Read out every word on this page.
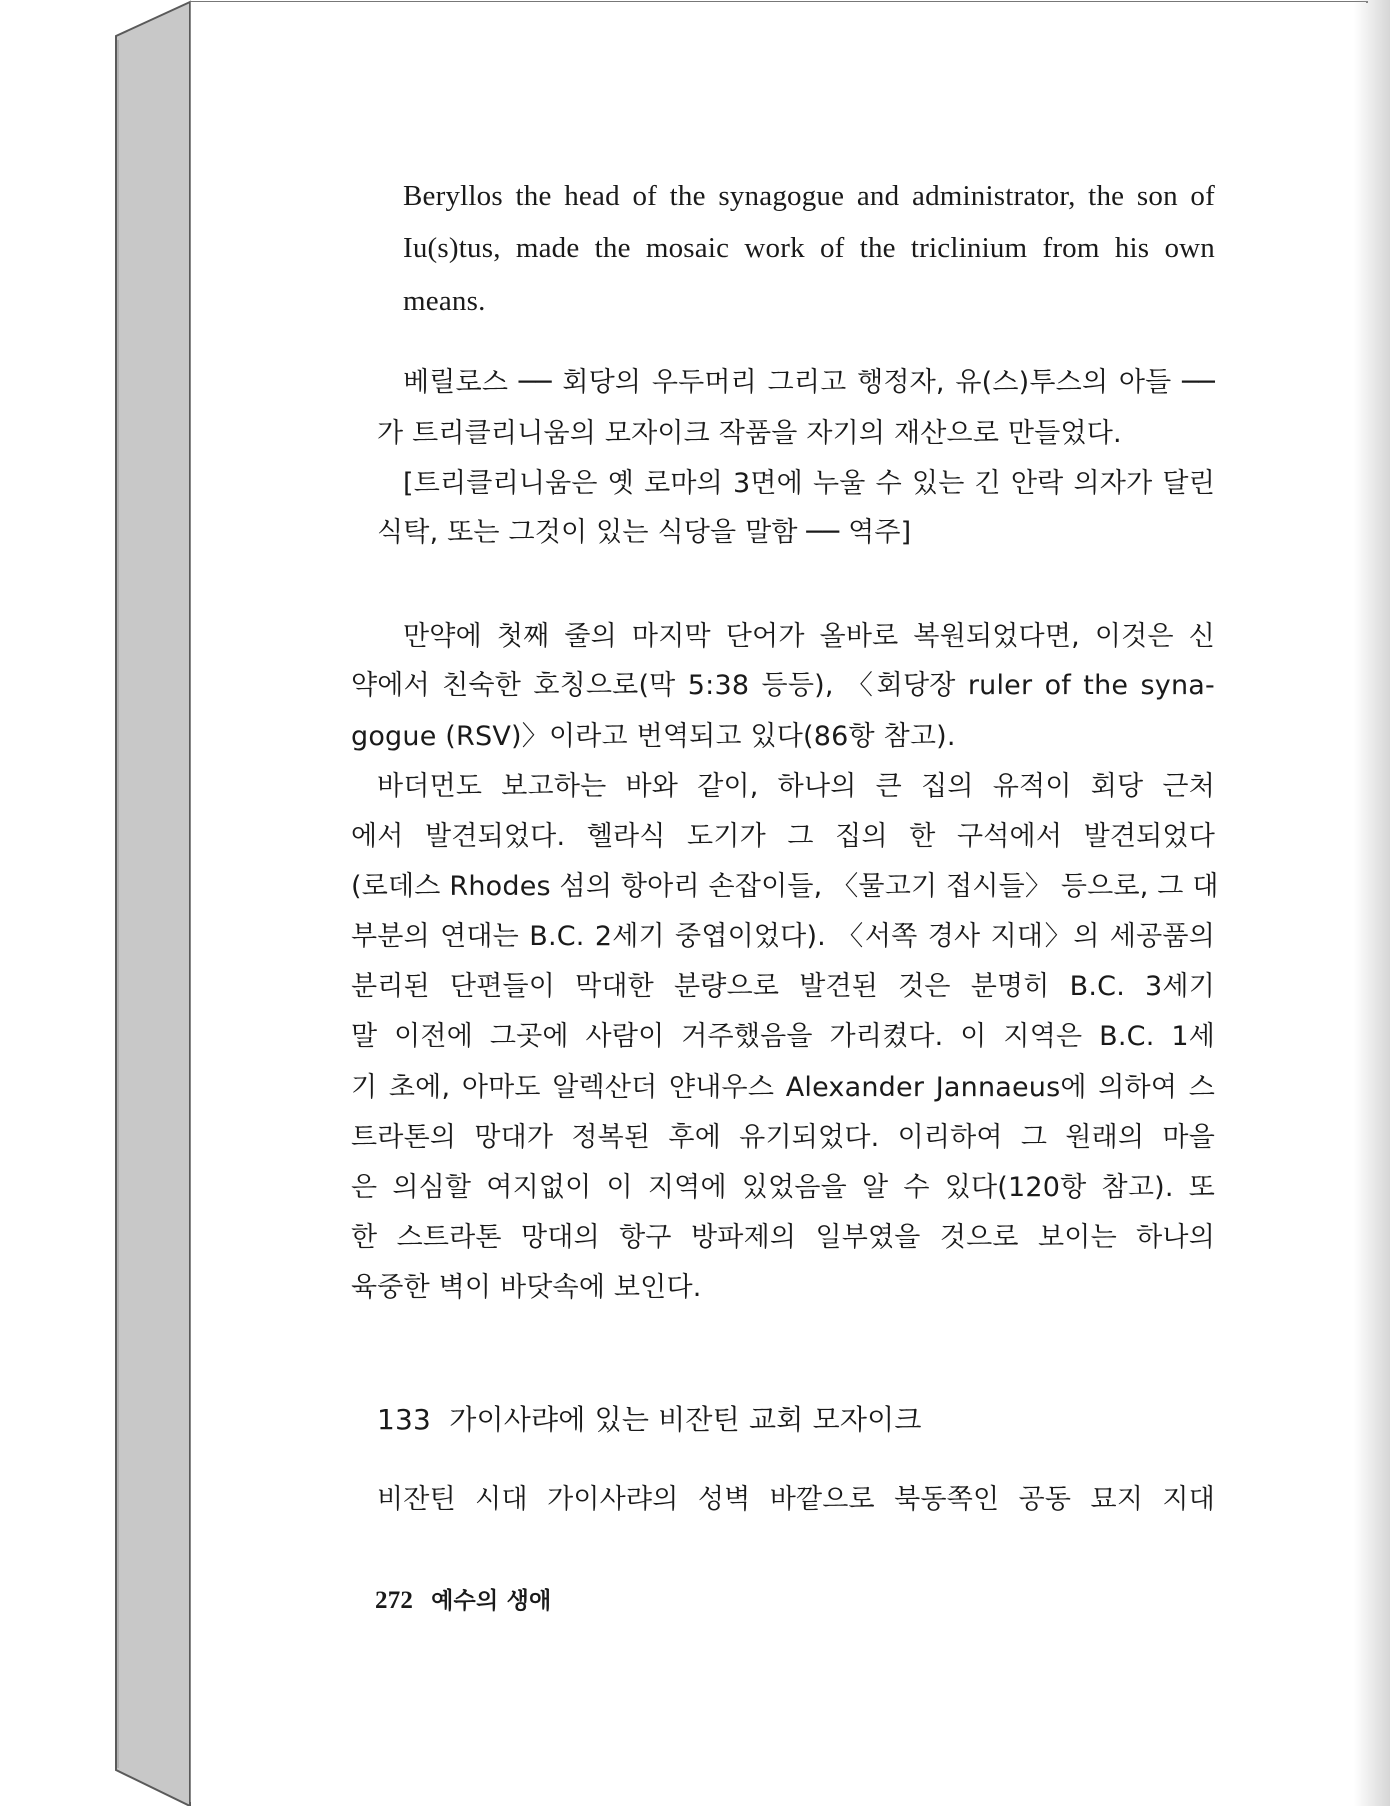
Beryllos the head of the synagogue and administrator, the son of
Iu(s)tus, made the mosaic work of the triclinium from his own
means.
베릴로스 ── 회당의 우두머리 그리고 행정자, 유(스)투스의 아들 ──
가 트리클리니움의 모자이크 작품을 자기의 재산으로 만들었다.
[트리클리니움은 옛 로마의 3면에 누울 수 있는 긴 안락 의자가 달린
식탁, 또는 그것이 있는 식당을 말함 ── 역주]
만약에 첫째 줄의 마지막 단어가 올바로 복원되었다면, 이것은 신
약에서 친숙한 호칭으로(막 5:38 등등), 〈회당장 ruler of the syna-
gogue (RSV)〉이라고 번역되고 있다(86항 참고).
바더먼도 보고하는 바와 같이, 하나의 큰 집의 유적이 회당 근처
에서 발견되었다. 헬라식 도기가 그 집의 한 구석에서 발견되었다
(로데스 Rhodes 섬의 항아리 손잡이들, 〈물고기 접시들〉 등으로, 그 대
부분의 연대는 B.C. 2세기 중엽이었다). 〈서쪽 경사 지대〉의 세공품의
분리된 단편들이 막대한 분량으로 발견된 것은 분명히 B.C. 3세기
말 이전에 그곳에 사람이 거주했음을 가리켰다. 이 지역은 B.C. 1세
기 초에, 아마도 알렉산더 얀내우스 Alexander Jannaeus에 의하여 스
트라톤의 망대가 정복된 후에 유기되었다. 이리하여 그 원래의 마을
은 의심할 여지없이 이 지역에 있었음을 알 수 있다(120항 참고). 또
한 스트라톤 망대의 항구 방파제의 일부였을 것으로 보이는 하나의
육중한 벽이 바닷속에 보인다.
133  가이사랴에 있는 비잔틴 교회 모자이크
비잔틴 시대 가이사랴의 성벽 바깥으로 북동쪽인 공동 묘지 지대
272 예수의 생애
